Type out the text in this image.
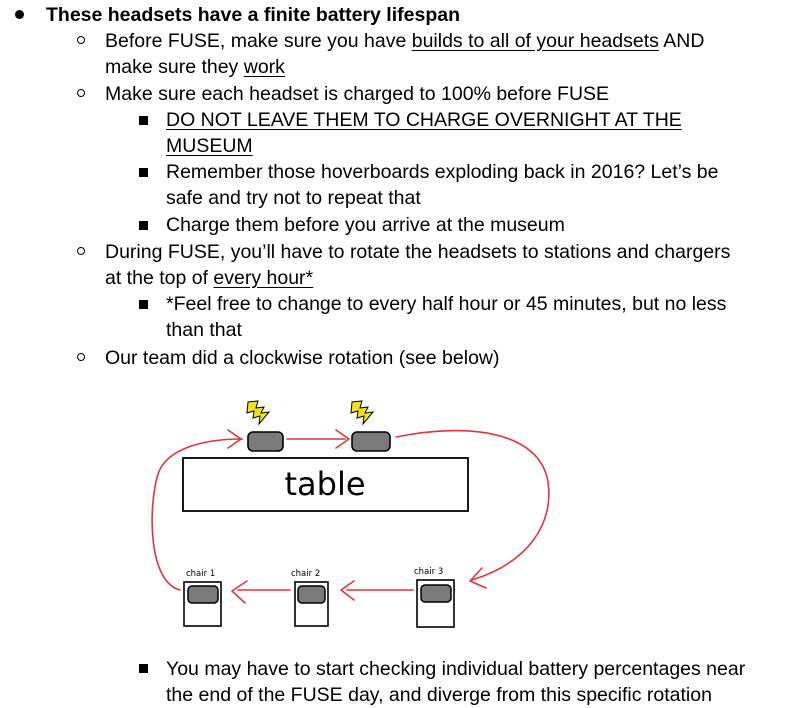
These headsets have a finite battery lifespan
Before FUSE, make sure you have builds to all of your headsets AND
make sure they work
Make sure each headset is charged to 100% before FUSE
DO NOT LEAVE THEM TO CHARGE OVERNIGHT AT THE
MUSEUM
Remember those hoverboards exploding back in 2016? Let’s be
safe and try not to repeat that
Charge them before you arrive at the museum
During FUSE, you’ll have to rotate the headsets to stations and chargers
at the top of every hour*
*Feel free to change to every half hour or 45 minutes, but no less
than that
Our team did a clockwise rotation (see below)
table
chair 1	chair 2	chair 3
You may have to start checking individual battery percentages near
the end of the FUSE day, and diverge from this specific rotation
